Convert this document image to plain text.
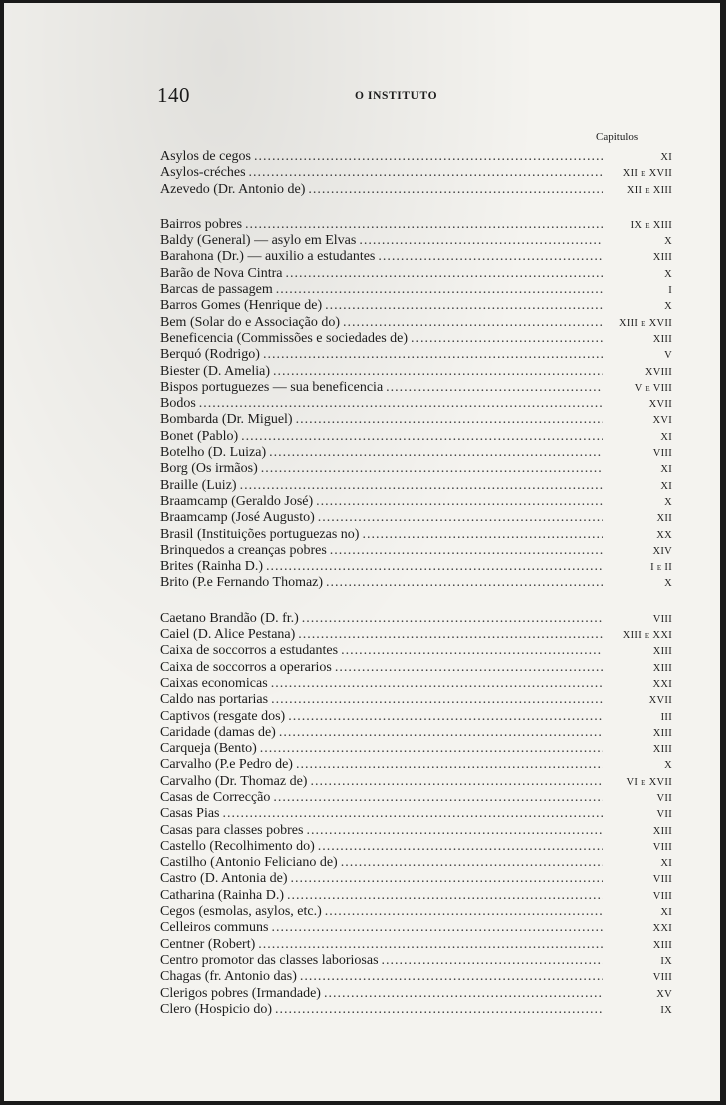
140	O INSTITUTO
Capitulos
Asylos de cegos .....	XI
Asylos-créches .....	XII e XVII
Azevedo (Dr. Antonio de) .....	XII e XIII
Bairros pobres .....	IX e XIII
Baldy (General) — asylo em Elvas .....	X
Barahona (Dr.) — auxilio a estudantes .....	XIII
Barão de Nova Cintra .....	X
Barcas de passagem .....	I
Barros Gomes (Henrique de) .....	X
Bem (Solar do e Associação do) .....	XIII e XVII
Beneficencia (Commissões e sociedades de) .....	XIII
Berquó (Rodrigo) .....	V
Biester (D. Amelia) .....	XVIII
Bispos portuguezes — sua beneficencia .....	V e VIII
Bodos .....	XVII
Bombarda (Dr. Miguel) .....	XVI
Bonet (Pablo) .....	XI
Botelho (D. Luiza) .....	VIII
Borg (Os irmãos) .....	XI
Braille (Luiz) .....	XI
Braamcamp (Geraldo José) .....	X
Braamcamp (José Augusto) .....	XII
Brasil (Instituições portuguezas no) .....	XX
Brinquedos a creanças pobres .....	XIV
Brites (Rainha D.) .....	I e II
Brito (P.e Fernando Thomaz) .....	X
Caetano Brandão (D. fr.) .....	VIII
Caiel (D. Alice Pestana) .....	XIII e XXI
Caixa de soccorros a estudantes .....	XIII
Caixa de soccorros a operarios .....	XIII
Caixas economicas .....	XXI
Caldo nas portarias .....	XVII
Captivos (resgate dos) .....	III
Caridade (damas de) .....	XIII
Carqueja (Bento) .....	XIII
Carvalho (P.e Pedro de) .....	X
Carvalho (Dr. Thomaz de) .....	VI e XVII
Casas de Correcção .....	VII
Casas Pias .....	VII
Casas para classes pobres .....	XIII
Castello (Recolhimento do) .....	VIII
Castilho (Antonio Feliciano de) .....	XI
Castro (D. Antonia de) .....	VIII
Catharina (Rainha D.) .....	VIII
Cegos (esmolas, asylos, etc.) .....	XI
Celleiros communs .....	XXI
Centner (Robert) .....	XIII
Centro promotor das classes laboriosas .....	IX
Chagas (fr. Antonio das) .....	VIII
Clerigos pobres (Irmandade) .....	XV
Clero (Hospicio do) .....	IX
